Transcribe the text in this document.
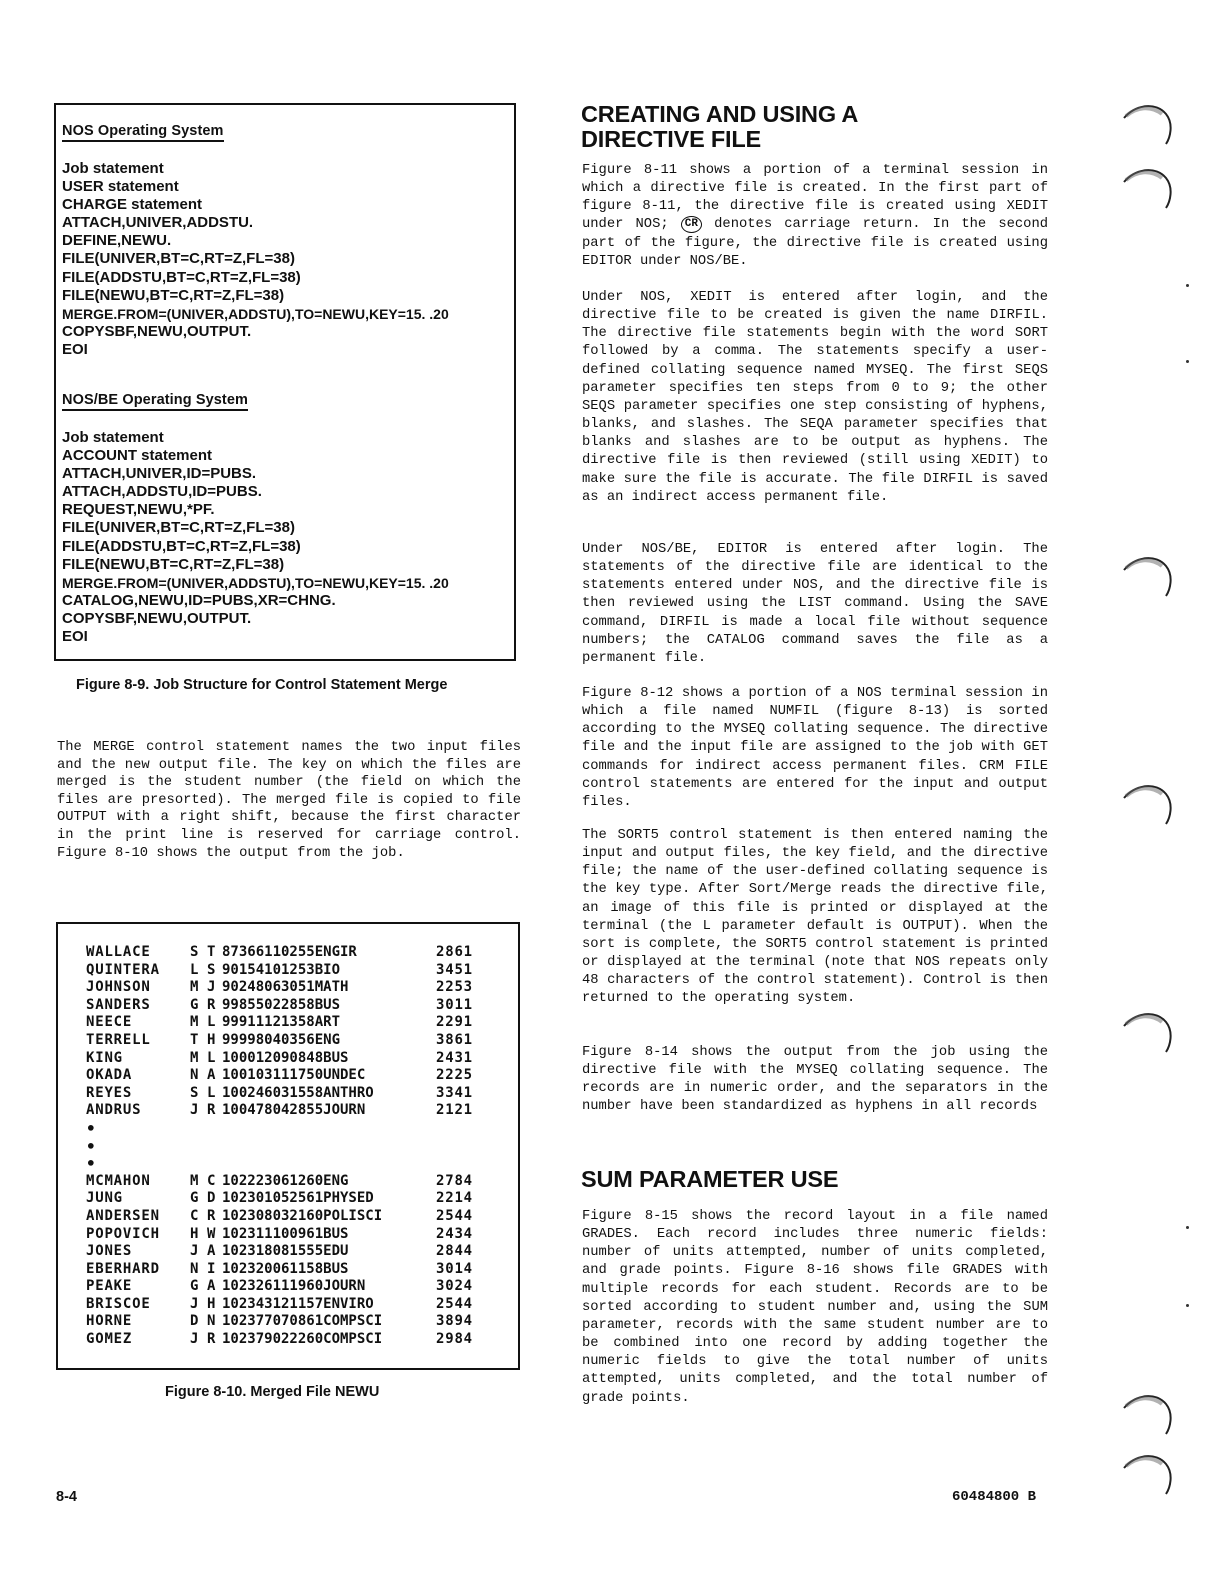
NOS Operating System
Job statement
USER statement
CHARGE statement
ATTACH,UNIVER,ADDSTU.
DEFINE,NEWU.
FILE(UNIVER,BT=C,RT=Z,FL=38)
FILE(ADDSTU,BT=C,RT=Z,FL=38)
FILE(NEWU,BT=C,RT=Z,FL=38)
MERGE.FROM=(UNIVER,ADDSTU),TO=NEWU,KEY=15. .20
COPYSBF,NEWU,OUTPUT.
EOI
NOS/BE Operating System
Job statement
ACCOUNT statement
ATTACH,UNIVER,ID=PUBS.
ATTACH,ADDSTU,ID=PUBS.
REQUEST,NEWU,*PF.
FILE(UNIVER,BT=C,RT=Z,FL=38)
FILE(ADDSTU,BT=C,RT=Z,FL=38)
FILE(NEWU,BT=C,RT=Z,FL=38)
MERGE.FROM=(UNIVER,ADDSTU),TO=NEWU,KEY=15. .20
CATALOG,NEWU,ID=PUBS,XR=CHNG.
COPYSBF,NEWU,OUTPUT.
EOI
Figure 8-9. Job Structure for Control Statement Merge

The MERGE control statement names the two input files and the new output file. The key on which the files are merged is the student number (the field on which the files are presorted). The merged file is copied to file OUTPUT with a right shift, because the first character in the print line is reserved for carriage control. Figure 8-10 shows the output from the job.

WALLACE	S	T	87366110255ENGIR	2861
QUINTERA	L	S	90154101253BIO	3451
JOHNSON	M	J	90248063051MATH	2253
SANDERS	G	R	99855022858BUS	3011
NEECE	M	L	99911121358ART	2291
TERRELL	T	H	99998040356ENG	3861
KING	M	L	100012090848BUS	2431
OKADA	N	A	100103111750UNDEC	2225
REYES	S	L	100246031558ANTHRO	3341
ANDRUS	J	R	100478042855JOURN	2121
•				
•				
•				
MCMAHON	M	C	102223061260ENG	2784
JUNG	G	D	102301052561PHYSED	2214
ANDERSEN	C	R	102308032160POLISCI	2544
POPOVICH	H	W	102311100961BUS	2434
JONES	J	A	102318081555EDU	2844
EBERHARD	N	I	102320061158BUS	3014
PEAKE	G	A	102326111960JOURN	3024
BRISCOE	J	H	102343121157ENVIRO	2544
HORNE	D	N	102377070861COMPSCI	3894
GOMEZ	J	R	102379022260COMPSCI	2984
Figure 8-10. Merged File NEWU
CREATING AND USING A
DIRECTIVE FILE

Figure 8-11 shows a portion of a terminal session in which a directive file is created. In the first part of figure 8-11, the directive file is created using XEDIT under NOS; CR denotes carriage return. In the second part of the figure, the directive file is created using EDITOR under NOS/BE.

Under NOS, XEDIT is entered after login, and the directive file to be created is given the name DIRFIL. The directive file statements begin with the word SORT followed by a comma. The statements specify a user-defined collating sequence named MYSEQ. The first SEQS parameter specifies ten steps from 0 to 9; the other SEQS parameter specifies one step consisting of hyphens, blanks, and slashes. The SEQA parameter specifies that blanks and slashes are to be output as hyphens. The directive file is then reviewed (still using XEDIT) to make sure the file is accurate. The file DIRFIL is saved as an indirect access permanent file.

Under NOS/BE, EDITOR is entered after login. The statements of the directive file are identical to the statements entered under NOS, and the directive file is then reviewed using the LIST command. Using the SAVE command, DIRFIL is made a local file without sequence numbers; the CATALOG command saves the file as a permanent file.

Figure 8-12 shows a portion of a NOS terminal session in which a file named NUMFIL (figure 8-13) is sorted according to the MYSEQ collating sequence. The directive file and the input file are assigned to the job with GET commands for indirect access permanent files. CRM FILE control statements are entered for the input and output files.

The SORT5 control statement is then entered naming the input and output files, the key field, and the directive file; the name of the user-defined collating sequence is the key type. After Sort/Merge reads the directive file, an image of this file is printed or displayed at the terminal (the L parameter default is OUTPUT). When the sort is complete, the SORT5 control statement is printed or displayed at the terminal (note that NOS repeats only 48 characters of the control statement). Control is then returned to the operating system.

Figure 8-14 shows the output from the job using the directive file with the MYSEQ collating sequence. The records are in numeric order, and the separators in the number have been standardized as hyphens in all records

SUM PARAMETER USE

Figure 8-15 shows the record layout in a file named GRADES. Each record includes three numeric fields: number of units attempted, number of units completed, and grade points. Figure 8-16 shows file GRADES with multiple records for each student. Records are to be sorted according to student number and, using the SUM parameter, records with the same student number are to be combined into one record by adding together the numeric fields to give the total number of units attempted, units completed, and the total number of grade points.

8-4	60484800 B
